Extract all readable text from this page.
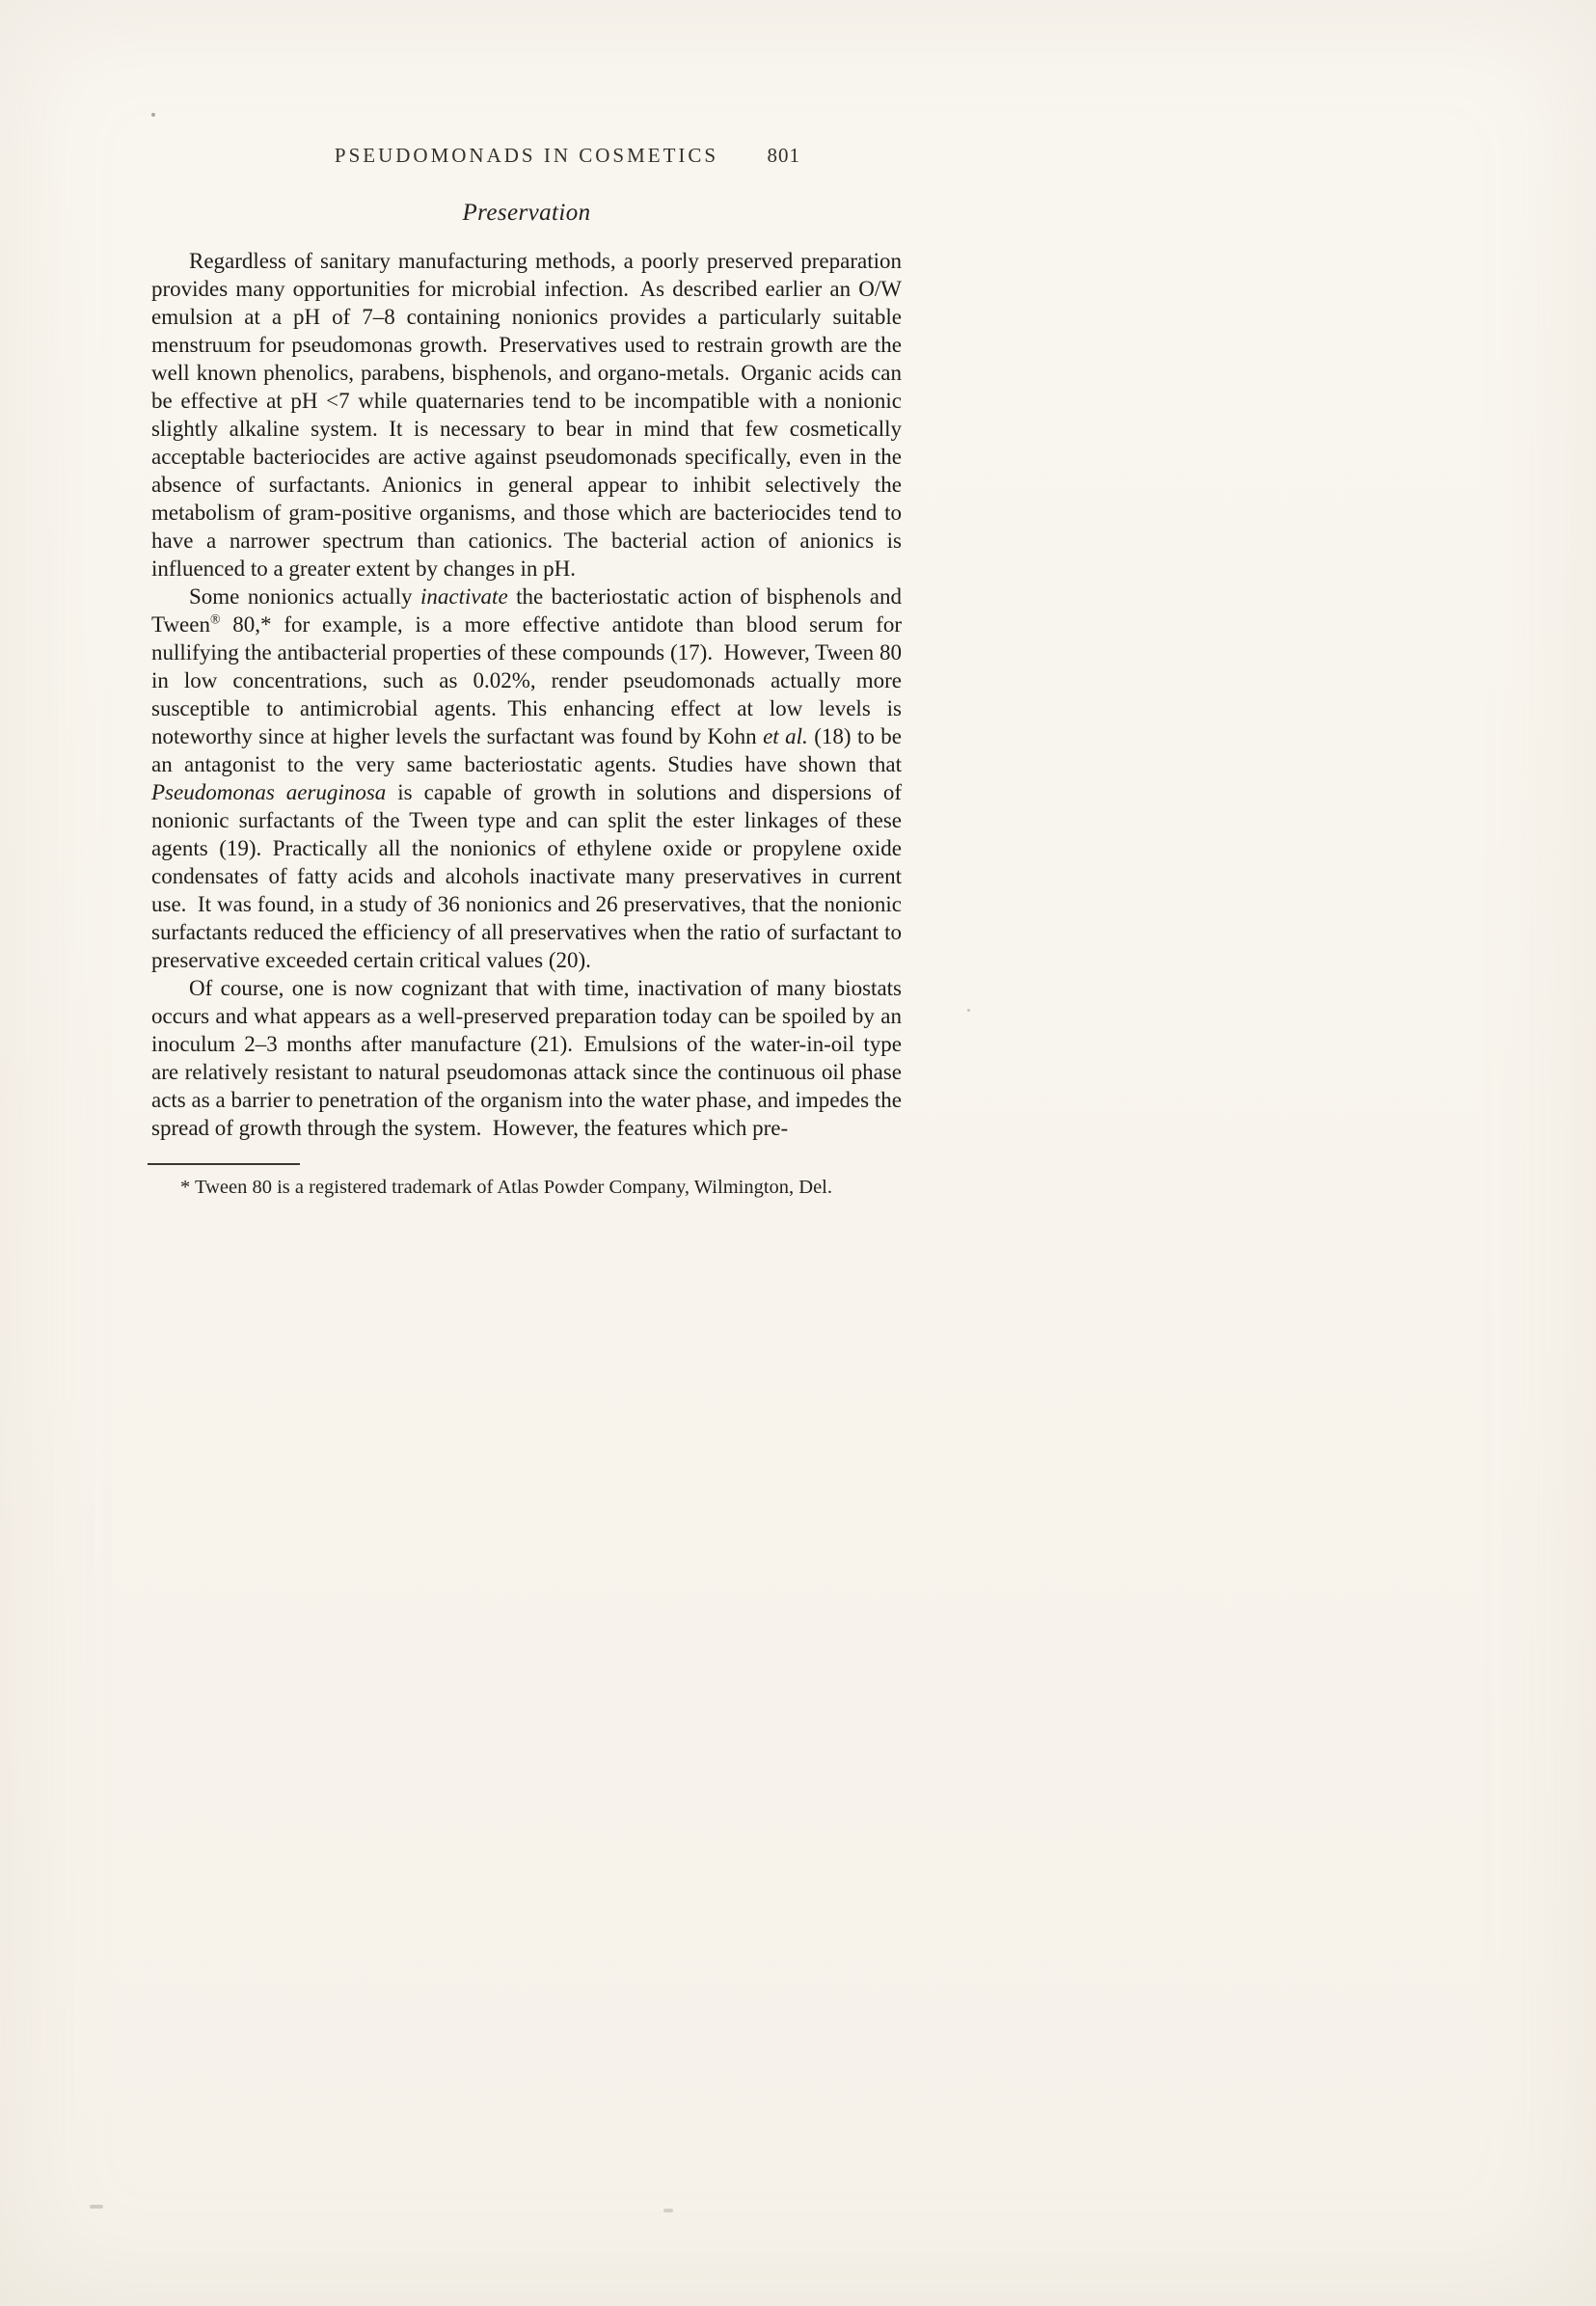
PSEUDOMONADS IN COSMETICS 801
Preservation

Regardless of sanitary manufacturing methods, a poorly preserved preparation provides many opportunities for microbial infection. As described earlier an O/W emulsion at a pH of 7–8 containing nonionics provides a particularly suitable menstruum for pseudomonas growth. Preservatives used to restrain growth are the well known phenolics, parabens, bisphenols, and organo-metals. Organic acids can be effective at pH <7 while quaternaries tend to be incompatible with a nonionic slightly alkaline system. It is necessary to bear in mind that few cosmetically acceptable bacteriocides are active against pseudomonads specifically, even in the absence of surfactants. Anionics in general appear to inhibit selectively the metabolism of gram-positive organisms, and those which are bacteriocides tend to have a narrower spectrum than cationics. The bacterial action of anionics is influenced to a greater extent by changes in pH.

Some nonionics actually inactivate the bacteriostatic action of bisphenols and Tween® 80,* for example, is a more effective antidote than blood serum for nullifying the antibacterial properties of these compounds (17). However, Tween 80 in low concentrations, such as 0.02%, render pseudomonads actually more susceptible to antimicrobial agents. This enhancing effect at low levels is noteworthy since at higher levels the surfactant was found by Kohn et al. (18) to be an antagonist to the very same bacteriostatic agents. Studies have shown that Pseudomonas aeruginosa is capable of growth in solutions and dispersions of nonionic surfactants of the Tween type and can split the ester linkages of these agents (19). Practically all the nonionics of ethylene oxide or propylene oxide condensates of fatty acids and alcohols inactivate many preservatives in current use. It was found, in a study of 36 nonionics and 26 preservatives, that the nonionic surfactants reduced the efficiency of all preservatives when the ratio of surfactant to preservative exceeded certain critical values (20).

Of course, one is now cognizant that with time, inactivation of many biostats occurs and what appears as a well-preserved preparation today can be spoiled by an inoculum 2–3 months after manufacture (21). Emulsions of the water-in-oil type are relatively resistant to natural pseudomonas attack since the continuous oil phase acts as a barrier to penetration of the organism into the water phase, and impedes the spread of growth through the system. However, the features which pre-

* Tween 80 is a registered trademark of Atlas Powder Company, Wilmington, Del.
